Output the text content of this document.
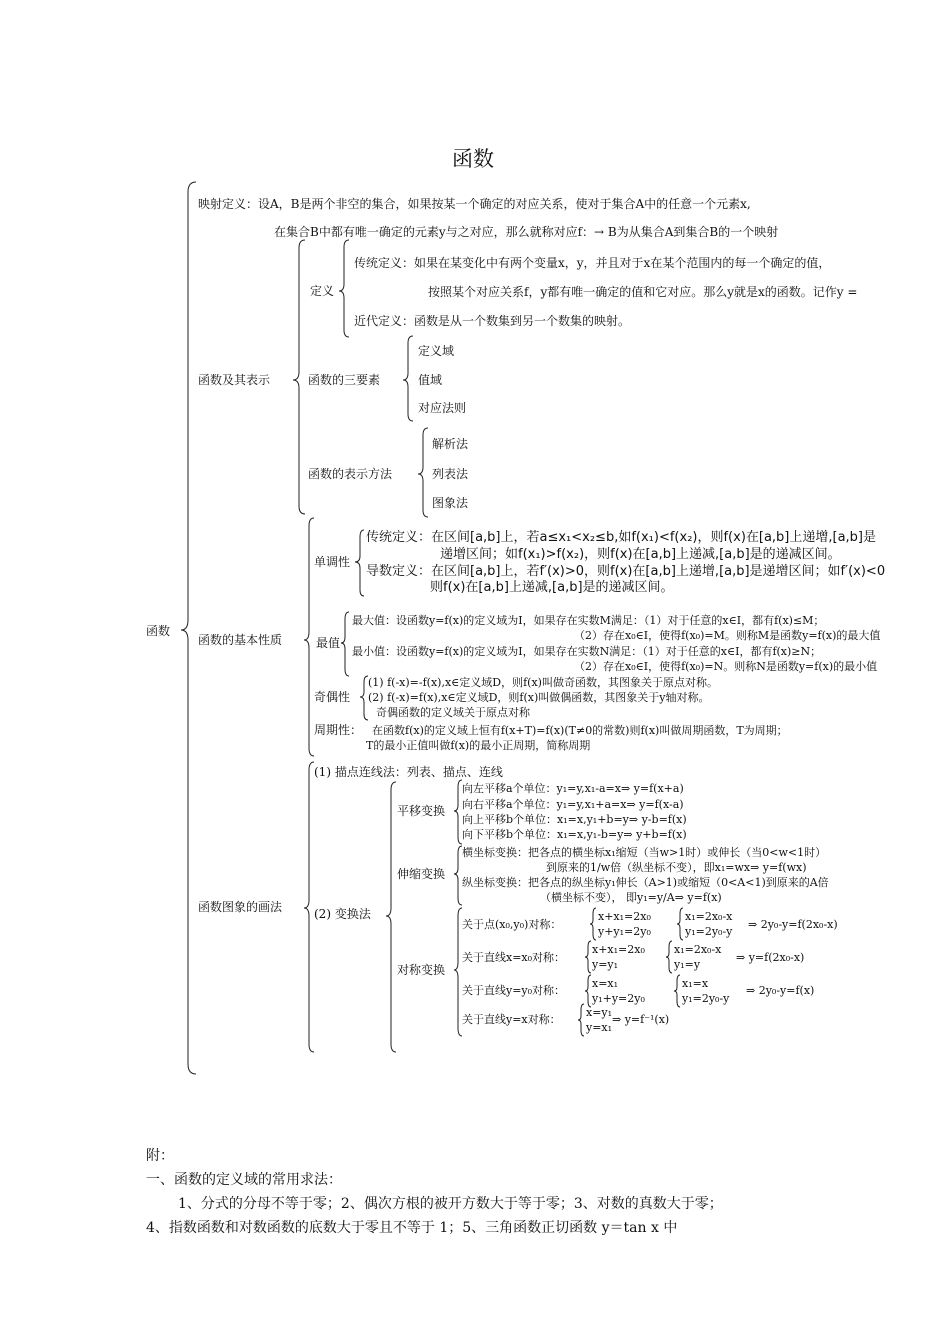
函数
函数
映射定义：设A，B是两个非空的集合，如果按某一个确定的对应关系，使对于集合A中的任意一个元素x,
在集合B中都有唯一确定的元素y与之对应，那么就称对应f：→ B为从集合A到集合B的一个映射
函数及其表示
定义
传统定义：如果在某变化中有两个变量x，y，并且对于x在某个范围内的每一个确定的值，
按照某个对应关系f，y都有唯一确定的值和它对应。那么y就是x的函数。记作y =
近代定义：函数是从一个数集到另一个数集的映射。
函数的三要素
定义域
值域
对应法则
函数的表示方法
解析法
列表法
图象法
函数的基本性质
单调性
传统定义：在区间[a,b]上，若a≤x₁<x₂≤b,如f(x₁)<f(x₂)，则f(x)在[a,b]上递增,[a,b]是
递增区间；如f(x₁)>f(x₂)，则f(x)在[a,b]上递减,[a,b]是的递减区间。
导数定义：在区间[a,b]上，若f′(x)>0，则f(x)在[a,b]上递增,[a,b]是递增区间；如f′(x)<0
则f(x)在[a,b]上递减,[a,b]是的递减区间。
最值
最大值：设函数y=f(x)的定义域为I，如果存在实数M满足：（1）对于任意的x∈I，都有f(x)≤M；
（2）存在x₀∈I，使得f(x₀)=M。则称M是函数y=f(x)的最大值
最小值：设函数y=f(x)的定义域为I，如果存在实数N满足：（1）对于任意的x∈I，都有f(x)≥N；
（2）存在x₀∈I，使得f(x₀)=N。则称N是函数y=f(x)的最小值
奇偶性
(1) f(-x)=-f(x),x∈定义域D，则f(x)叫做奇函数，其图象关于原点对称。
(2) f(-x)=f(x),x∈定义域D，则f(x)叫做偶函数，其图象关于y轴对称。
奇偶函数的定义域关于原点对称
周期性： 在函数f(x)的定义域上恒有f(x+T)=f(x)(T≠0的常数)则f(x)叫做周期函数，T为周期；
T的最小正值叫做f(x)的最小正周期，简称周期
函数图象的画法
(1) 描点连线法：列表、描点、连线
(2) 变换法
平移变换
向左平移a个单位：y₁=y,x₁-a=x⇒ y=f(x+a)
向右平移a个单位：y₁=y,x₁+a=x⇒ y=f(x-a)
向上平移b个单位：x₁=x,y₁+b=y⇒ y-b=f(x)
向下平移b个单位：x₁=x,y₁-b=y⇒ y+b=f(x)
伸缩变换
横坐标变换：把各点的横坐标x₁缩短（当w>1时）或伸长（当0<w<1时）
到原来的1/w倍（纵坐标不变），即x₁=wx⇒ y=f(wx)
纵坐标变换：把各点的纵坐标y₁伸长（A>1)或缩短（0<A<1)到原来的A倍
（横坐标不变）， 即y₁=y/A⇒ y=f(x)
对称变换
关于点(x₀,y₀)对称：
x+x₁=2x₀
y+y₁=2y₀
x₁=2x₀-x
y₁=2y₀-y
⇒ 2y₀-y=f(2x₀-x)
关于直线x=x₀对称：
x+x₁=2x₀
y=y₁
x₁=2x₀-x
y₁=y
⇒ y=f(2x₀-x)
关于直线y=y₀对称：
x=x₁
y₁+y=2y₀
x₁=x
y₁=2y₀-y
⇒ 2y₀-y=f(x)
关于直线y=x对称：
x=y₁
y=x₁
⇒ y=f⁻¹(x)
附：
一、函数的定义域的常用求法：
1、分式的分母不等于零；2、偶次方根的被开方数大于等于零；3、对数的真数大于零；
4、指数函数和对数函数的底数大于零且不等于 1；5、三角函数正切函数 y＝tan x 中
